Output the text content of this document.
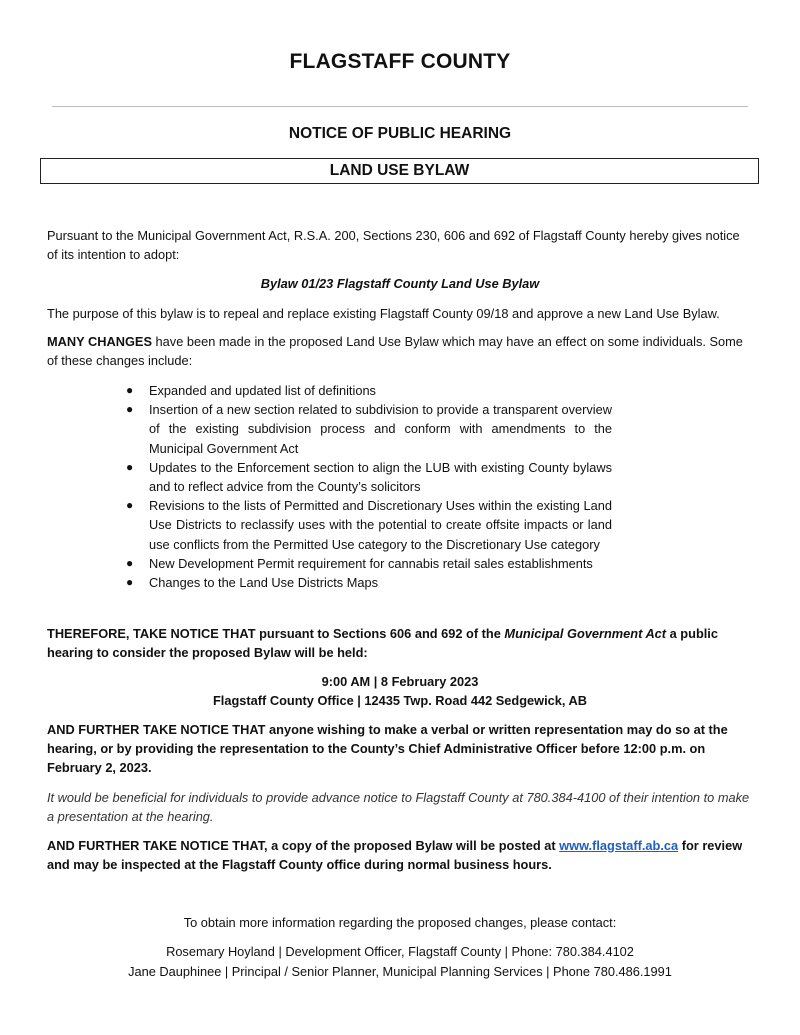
FLAGSTAFF COUNTY
NOTICE OF PUBLIC HEARING
LAND USE BYLAW
Pursuant to the Municipal Government Act, R.S.A. 200, Sections 230, 606 and 692 of Flagstaff County hereby gives notice of its intention to adopt:
Bylaw 01/23 Flagstaff County Land Use Bylaw
The purpose of this bylaw is to repeal and replace existing Flagstaff County 09/18 and approve a new Land Use Bylaw.
MANY CHANGES have been made in the proposed Land Use Bylaw which may have an effect on some individuals. Some of these changes include:
● Expanded and updated list of definitions
● Insertion of a new section related to subdivision to provide a transparent overview of the existing subdivision process and conform with amendments to the Municipal Government Act
● Updates to the Enforcement section to align the LUB with existing County bylaws and to reflect advice from the County’s solicitors
● Revisions to the lists of Permitted and Discretionary Uses within the existing Land Use Districts to reclassify uses with the potential to create offsite impacts or land use conflicts from the Permitted Use category to the Discretionary Use category
● New Development Permit requirement for cannabis retail sales establishments
● Changes to the Land Use Districts Maps
THEREFORE, TAKE NOTICE THAT pursuant to Sections 606 and 692 of the Municipal Government Act a public hearing to consider the proposed Bylaw will be held:
9:00 AM | 8 February 2023
Flagstaff County Office | 12435 Twp. Road 442 Sedgewick, AB
AND FURTHER TAKE NOTICE THAT anyone wishing to make a verbal or written representation may do so at the hearing, or by providing the representation to the County’s Chief Administrative Officer before 12:00 p.m. on February 2, 2023.
It would be beneficial for individuals to provide advance notice to Flagstaff County at 780.384-4100 of their intention to make a presentation at the hearing.
AND FURTHER TAKE NOTICE THAT, a copy of the proposed Bylaw will be posted at www.flagstaff.ab.ca for review and may be inspected at the Flagstaff County office during normal business hours.
To obtain more information regarding the proposed changes, please contact:
Rosemary Hoyland | Development Officer, Flagstaff County | Phone: 780.384.4102
Jane Dauphinee | Principal / Senior Planner, Municipal Planning Services | Phone 780.486.1991
